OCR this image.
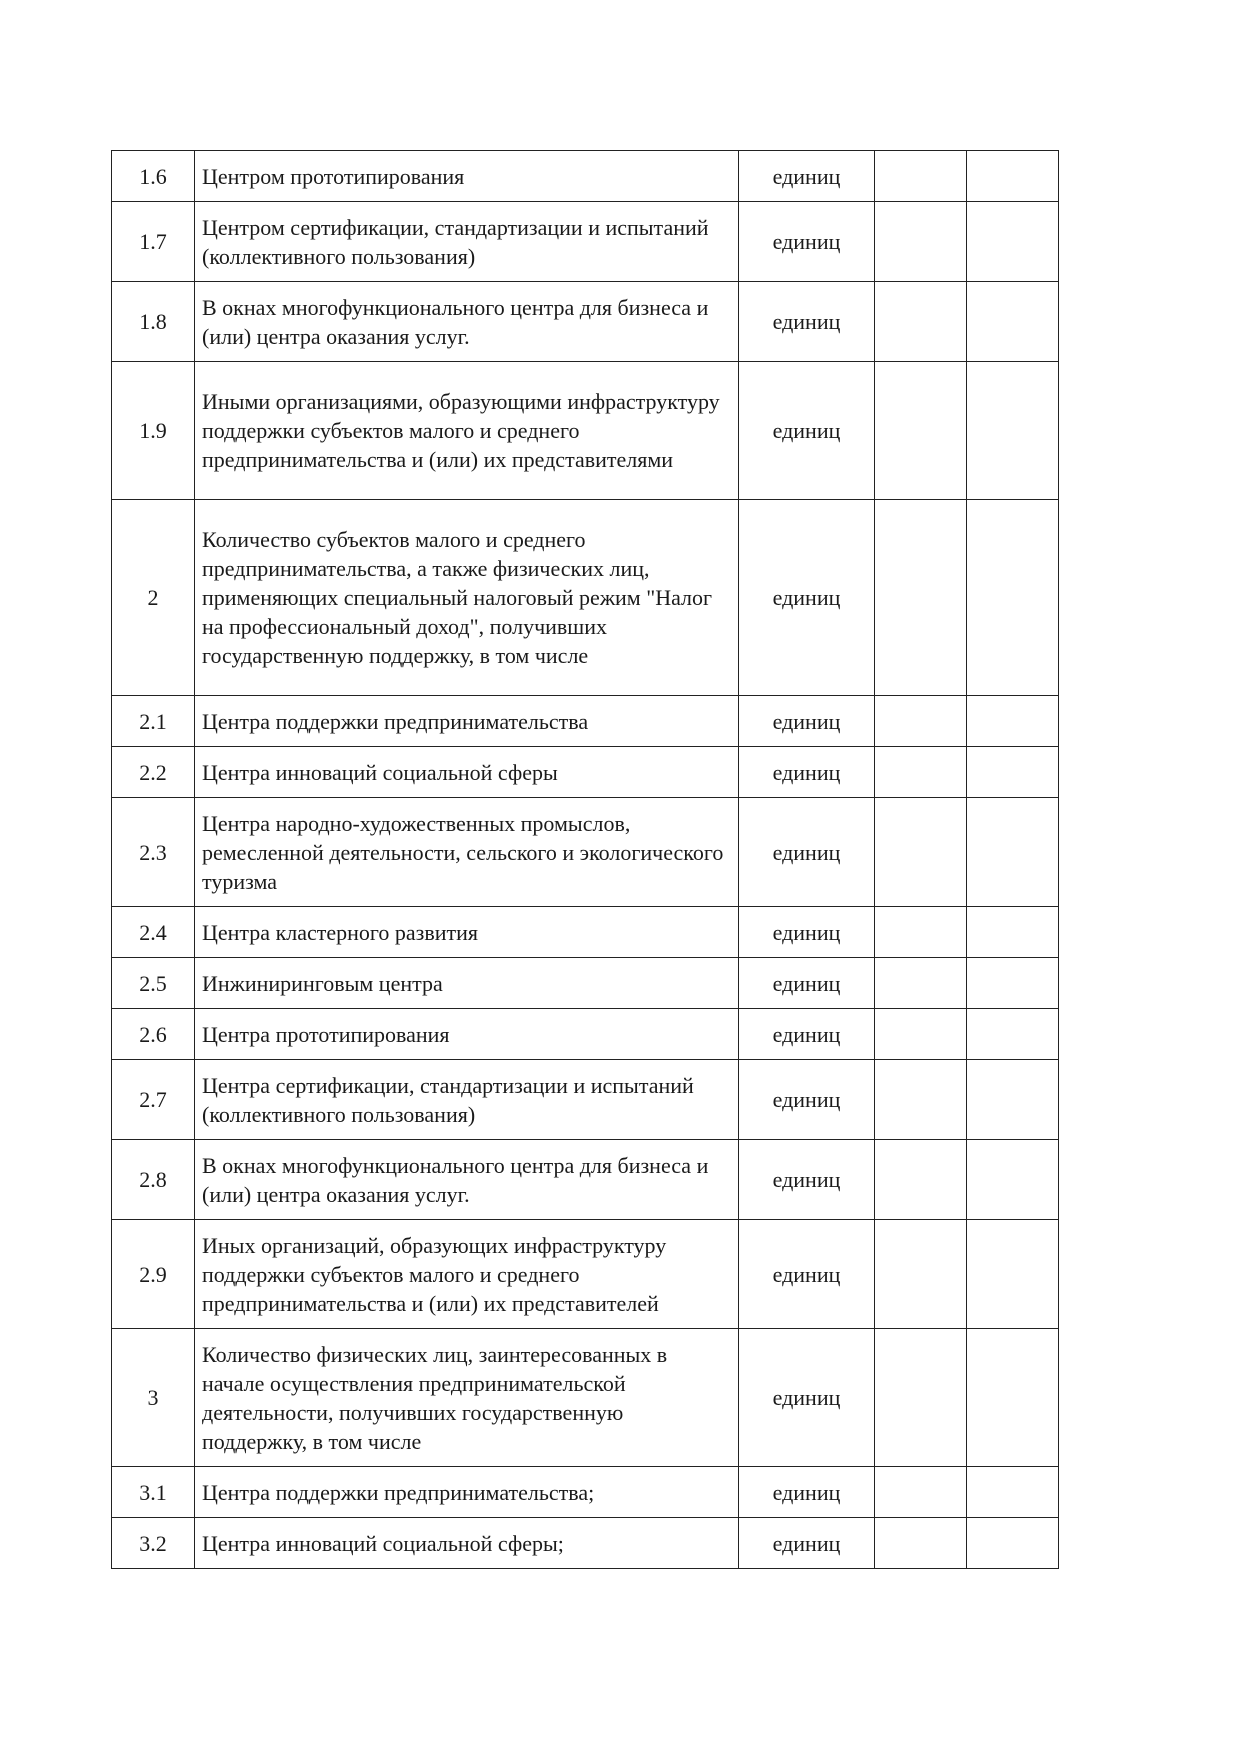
1.6	Центром прототипирования	единиц		
1.7	Центром сертификации, стандартизации и испытаний (коллективного пользования)	единиц		
1.8	В окнах многофункционального центра для бизнеса и (или) центра оказания услуг.	единиц		
1.9	Иными организациями, образующими инфраструктуру поддержки субъектов малого и среднего предпринимательства и (или) их представителями	единиц		
2	Количество субъектов малого и среднего предпринимательства, а также физических лиц, применяющих специальный налоговый режим "Налог на профессиональный доход", получивших государственную поддержку, в том числе	единиц		
2.1	Центра поддержки предпринимательства	единиц		
2.2	Центра инноваций социальной сферы	единиц		
2.3	Центра народно-художественных промыслов, ремесленной деятельности, сельского и экологического туризма	единиц		
2.4	Центра кластерного развития	единиц		
2.5	Инжиниринговым центра	единиц		
2.6	Центра прототипирования	единиц		
2.7	Центра сертификации, стандартизации и испытаний (коллективного пользования)	единиц		
2.8	В окнах многофункционального центра для бизнеса и (или) центра оказания услуг.	единиц		
2.9	Иных организаций, образующих инфраструктуру поддержки субъектов малого и среднего предпринимательства и (или) их представителей	единиц		
3	Количество физических лиц, заинтересованных в начале осуществления предпринимательской деятельности, получивших государственную поддержку, в том числе	единиц		
3.1	Центра поддержки предпринимательства;	единиц		
3.2	Центра инноваций социальной сферы;	единиц		
